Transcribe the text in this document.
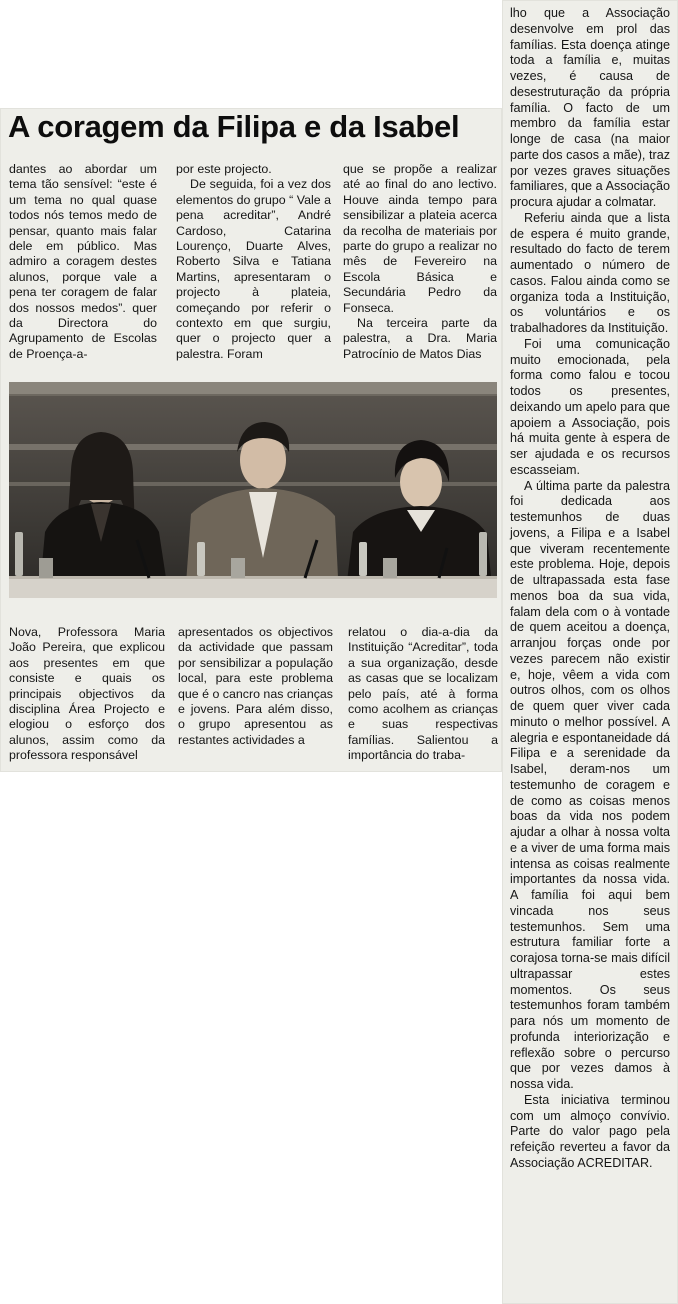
A coragem da Filipa e da Isabel

dantes ao abordar um tema tão sensível: “este é um tema no qual quase todos nós temos medo de pensar, quanto mais falar dele em público. Mas admiro a coragem destes alunos, porque vale a pena ter coragem de falar dos nossos medos”. quer da Directora do Agrupamento de Escolas de Proença-a-

por este projecto.

De seguida, foi a vez dos elementos do grupo “ Vale a pena acreditar”, André Cardoso, Catarina Lourenço, Duarte Alves, Roberto Silva e Tatiana Martins, apresentaram o projecto à plateia, começando por referir o contexto em que surgiu, quer o projecto quer a palestra. Foram

que se propõe a realizar até ao final do ano lectivo. Houve ainda tempo para sensibilizar a plateia acerca da recolha de materiais por parte do grupo a realizar no mês de Fevereiro na Escola Básica e Secundária Pedro da Fonseca.

Na terceira parte da palestra, a Dra. Maria Patrocínio de Matos Dias

Nova, Professora Maria João Pereira, que explicou aos presentes em que consiste e quais os principais objectivos da disciplina Área Projecto e elogiou o esforço dos alunos, assim como da professora responsável

apresentados os objectivos da actividade que passam por sensibilizar a população local, para este problema que é o cancro nas crianças e jovens. Para além disso, o grupo apresentou as restantes actividades a

relatou o dia-a-dia da Instituição “Acreditar”, toda a sua organização, desde as casas que se localizam pelo país, até à forma como acolhem as crianças e suas respectivas famílias. Salientou a importância do traba-

lho que a Associação desenvolve em prol das famílias. Esta doença atinge toda a família e, muitas vezes, é causa de desestruturação da própria família. O facto de um membro da família estar longe de casa (na maior parte dos casos a mãe), traz por vezes graves situações familiares, que a Associação procura ajudar a colmatar.

Referiu ainda que a lista de espera é muito grande, resultado do facto de terem aumentado o número de casos. Falou ainda como se organiza toda a Instituição, os voluntários e os trabalhadores da Instituição.

Foi uma comunicação muito emocionada, pela forma como falou e tocou todos os presentes, deixando um apelo para que apoiem a Associação, pois há muita gente à espera de ser ajudada e os recursos escasseiam.

A última parte da palestra foi dedicada aos testemunhos de duas jovens, a Filipa e a Isabel que viveram recentemente este problema. Hoje, depois de ultrapassada esta fase menos boa da sua vida, falam dela com o à vontade de quem aceitou a doença, arranjou forças onde por vezes parecem não existir e, hoje, vêem a vida com outros olhos, com os olhos de quem quer viver cada minuto o melhor possível. A alegria e espontaneidade dá Filipa e a serenidade da Isabel, deram-nos um testemunho de coragem e de como as coisas menos boas da vida nos podem ajudar a olhar à nossa volta e a viver de uma forma mais intensa as coisas realmente importantes da nossa vida. A família foi aqui bem vincada nos seus testemunhos. Sem uma estrutura familiar forte a corajosa torna-se mais difícil ultrapassar estes momentos. Os seus testemunhos foram também para nós um momento de profunda interiorização e reflexão sobre o percurso que por vezes damos à nossa vida.

Esta iniciativa terminou com um almoço convívio. Parte do valor pago pela refeição reverteu a favor da Associação ACREDITAR.
